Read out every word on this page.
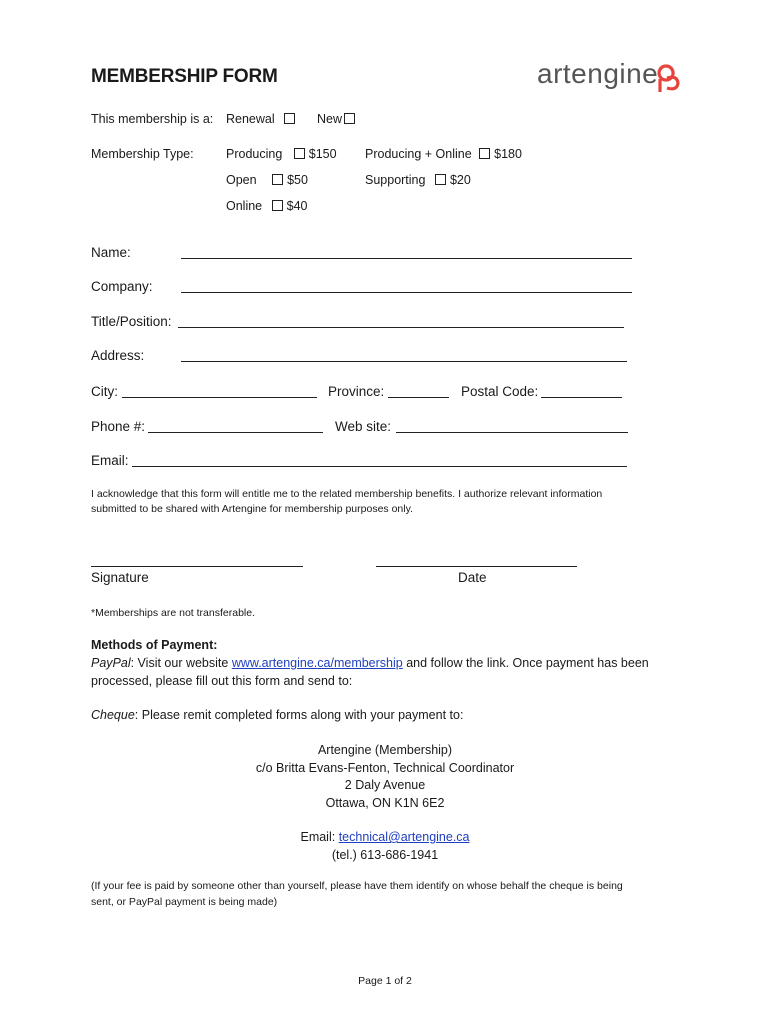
MEMBERSHIP FORM	artengine
This membership is a: Renewal	New
Membership Type:	Producing $150 Producing + Online $180
Open $50	Supporting $20
Online $40
Name:
Company:
Title/Position:
Address:
City:	Province:	Postal Code:
Phone #:	Web site:
Email:
I acknowledge that this form will entitle me to the related membership benefits. I authorize relevant information
submitted to be shared with Artengine for membership purposes only.
Signature	Date
*Memberships are not transferable.
Methods of Payment:
PayPal: Visit our website www.artengine.ca/membership and follow the link. Once payment has been
processed, please fill out this form and send to:
Cheque: Please remit completed forms along with your payment to:
Artengine (Membership)
c/o Britta Evans-Fenton, Technical Coordinator
2 Daly Avenue
Ottawa, ON K1N 6E2
Email: technical@artengine.ca
(tel.) 613-686-1941
(If your fee is paid by someone other than yourself, please have them identify on whose behalf the cheque is being
sent, or PayPal payment is being made)
Page 1 of 2
